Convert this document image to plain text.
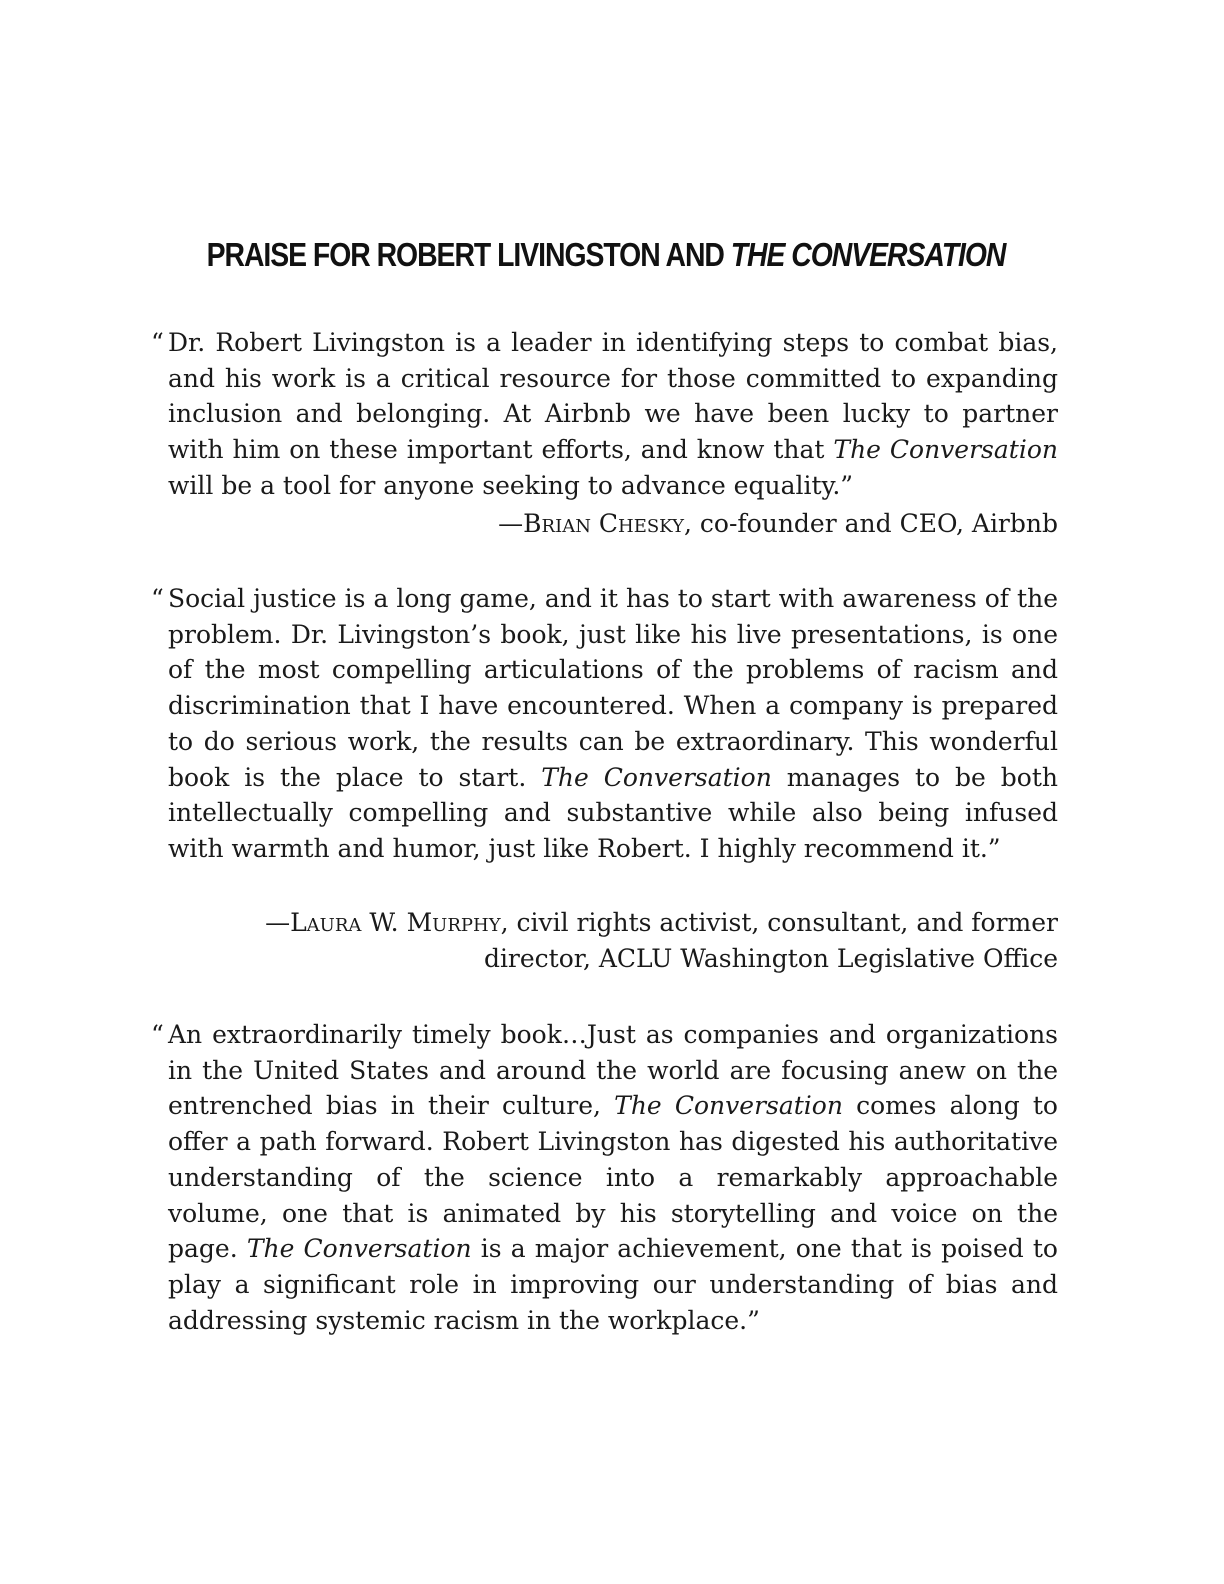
PRAISE FOR ROBERT LIVINGSTON AND THE CONVERSATION

“ Dr. Robert Livingston is a leader in identifying steps to combat bias, and his work is a critical resource for those committed to expanding inclusion and belonging. At Airbnb we have been lucky to partner with him on these important efforts, and know that The Conversation will be a tool for anyone seeking to advance equality.”

—Brian Chesky, co-founder and CEO, Airbnb

“ Social justice is a long game, and it has to start with awareness of the problem. Dr. Livingston’s book, just like his live presentations, is one of the most compelling articulations of the problems of racism and discrimination that I have encountered. When a company is prepared to do serious work, the results can be extraordinary. This wonderful book is the place to start. The Conversation manages to be both intellectually compelling and substantive while also being infused with warmth and humor, just like Robert. I highly recommend it.”

—Laura W. Murphy, civil rights activist, consultant, and former
director, ACLU Washington Legislative Office

“ An extraordinarily timely book…Just as companies and organizations in the United States and around the world are focusing anew on the entrenched bias in their culture, The Conversation comes along to offer a path forward. Robert Livingston has digested his authoritative understanding of the science into a remarkably approachable volume, one that is animated by his storytelling and voice on the page. The Conversation is a major achievement, one that is poised to play a significant role in improving our understanding of bias and addressing systemic racism in the workplace.”
